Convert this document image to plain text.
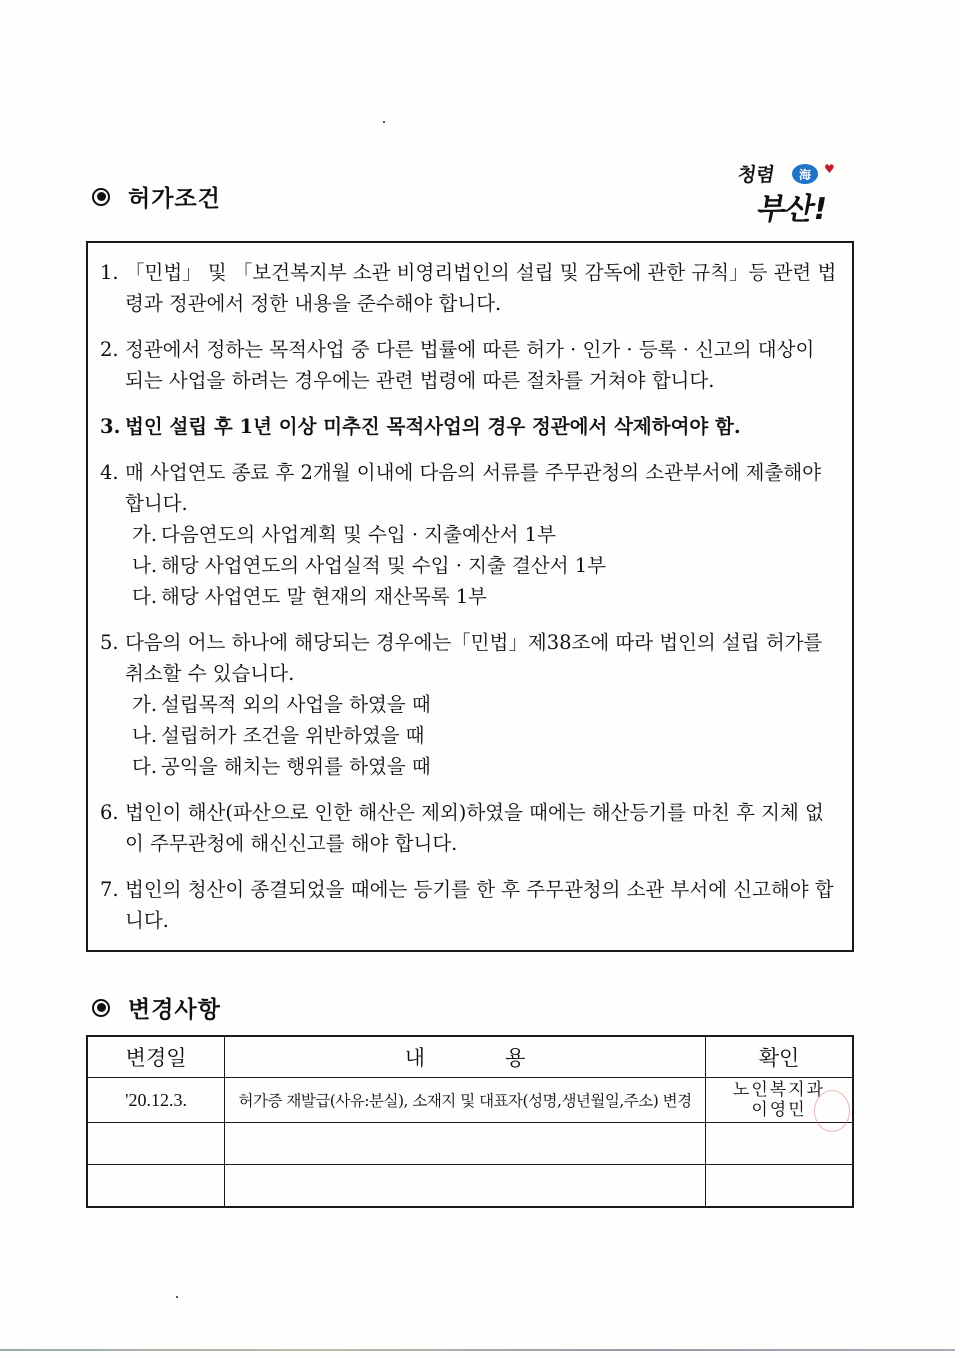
허가조건
청렴	海	♥
부산!
1. 「민법」 및 「보건복지부 소관 비영리법인의 설립 및 감독에 관한 규칙」등 관련 법령과 정관에서 정한 내용을 준수해야 합니다.
2. 정관에서 정하는 목적사업 중 다른 법률에 따른 허가 · 인가 · 등록 · 신고의 대상이 되는 사업을 하려는 경우에는 관련 법령에 따른 절차를 거쳐야 합니다.
3. 법인 설립 후 1년 이상 미추진 목적사업의 경우 정관에서 삭제하여야 함.
4. 매 사업연도 종료 후 2개월 이내에 다음의 서류를 주무관청의 소관부서에 제출해야 합니다.
가. 다음연도의 사업계획 및 수입 · 지출예산서 1부
나. 해당 사업연도의 사업실적 및 수입 · 지출 결산서 1부
다. 해당 사업연도 말 현재의 재산목록 1부
5. 다음의 어느 하나에 해당되는 경우에는「민법」제38조에 따라 법인의 설립 허가를 취소할 수 있습니다.
가. 설립목적 외의 사업을 하였을 때
나. 설립허가 조건을 위반하였을 때
다. 공익을 해치는 행위를 하였을 때
6. 법인이 해산(파산으로 인한 해산은 제외)하였을 때에는 해산등기를 마친 후 지체 없이 주무관청에 해신신고를 해야 합니다.
7. 법인의 청산이 종결되었을 때에는 등기를 한 후 주무관청의 소관 부서에 신고해야 합니다.
변경사항
변경일	내용	확인
'20.12.3.	허가증 재발급(사유:분실), 소재지 및 대표자(성명,생년월일,주소) 변경	노인복지과
이영민
